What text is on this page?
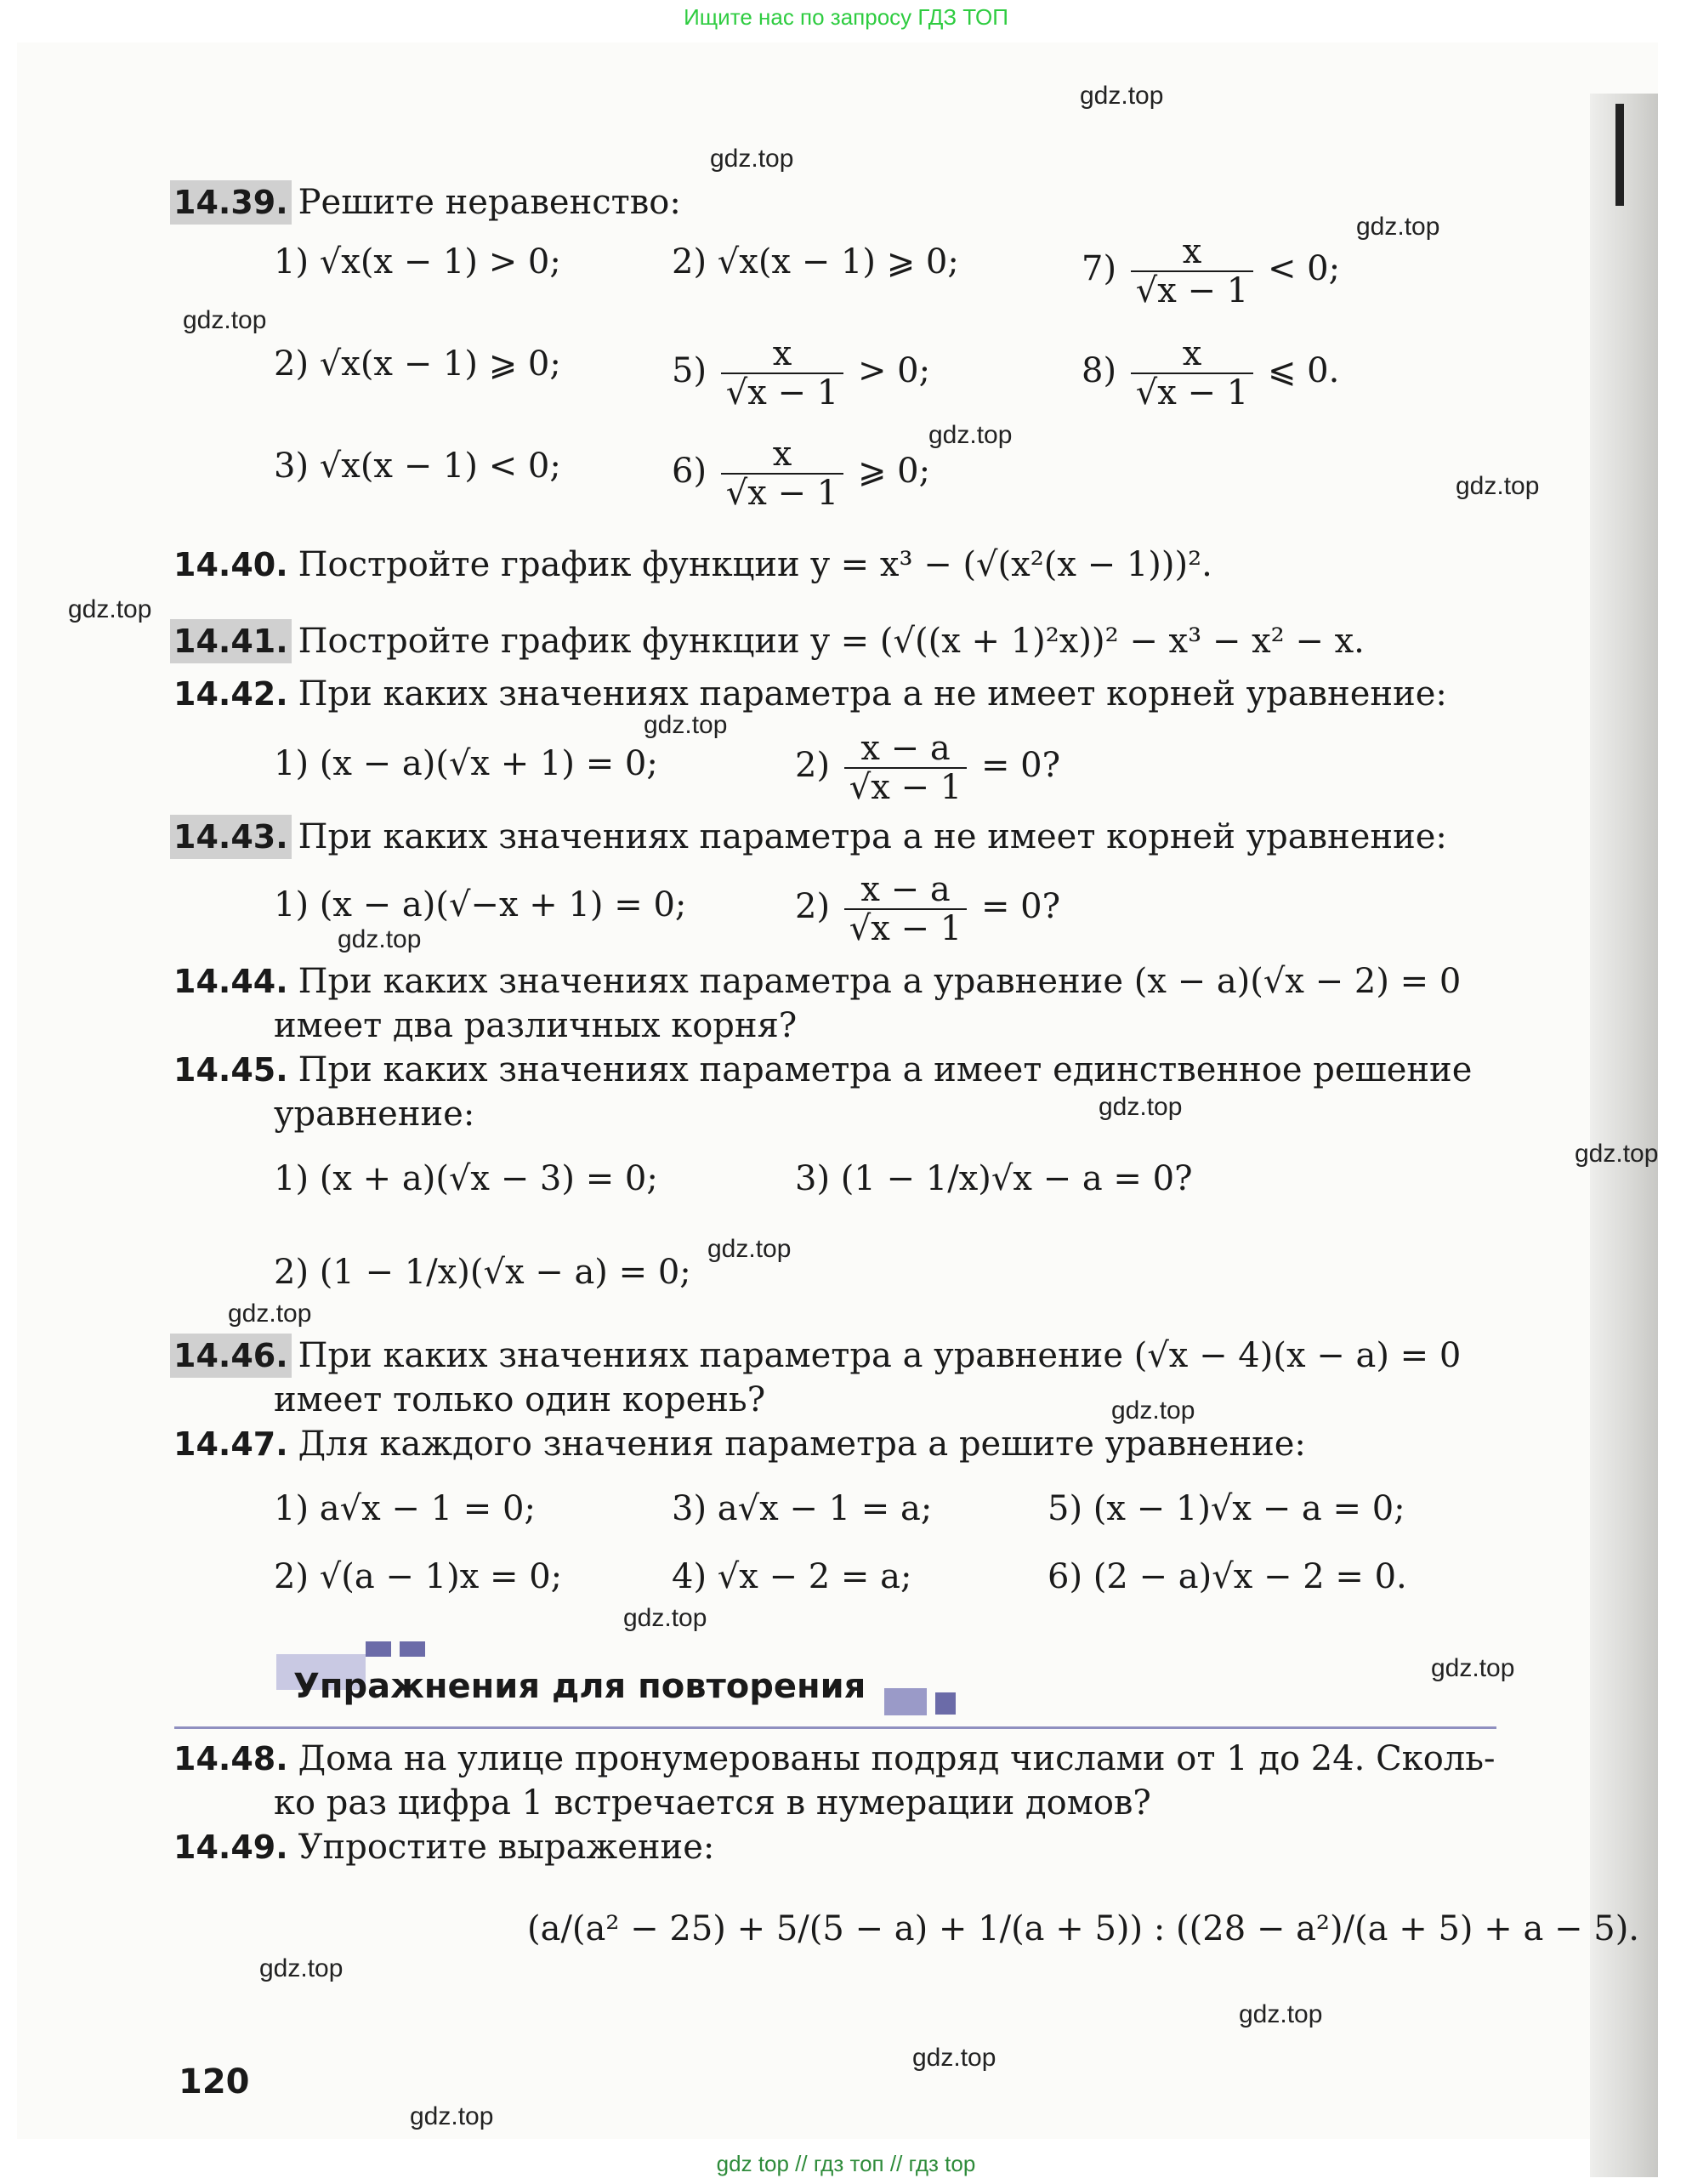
Ищите нас по запросу ГДЗ ТОП
gdz.top
gdz.top
gdz.top
gdz.top
gdz.top
gdz.top
gdz.top
gdz.top
gdz.top
gdz.top
gdz.top
gdz.top
gdz.top
gdz.top
gdz.top
gdz.top
gdz.top
gdz.top
gdz.top
gdz.top
14.39. Решите неравенство:
1) √x(x − 1) > 0;	2) √x(x − 1) ⩾ 0;	$7) \frac{x}{√x - 1} < 0$;
2) √x(x − 1) ⩾ 0;	$5) \frac{x}{√x - 1} > 0$;	$8) \frac{x}{√x - 1}$ ⩽ 0.
3) √x(x − 1) < 0;	$6) \frac{x}{√x - 1}$ ⩾ 0;
14.40. Постройте график функции y = x³ − (√(x²(x − 1)))².
14.41. Постройте график функции y = (√((x + 1)²x))² − x³ − x² − x.
14.42. При каких значениях параметра a не имеет корней уравнение:
1) (x − a)(√x + 1) = 0;	$2) \frac{x - a}{√x - 1} = 0$?
14.43. При каких значениях параметра a не имеет корней уравнение:
1) (x − a)(√−x + 1) = 0;	$2) \frac{x - a}{√x - 1} = 0$?
14.44. При каких значениях параметра a уравнение (x − a)(√x − 2) = 0
имеет два различных корня?
14.45. При каких значениях параметра a имеет единственное решение
уравнение:
1) (x + a)(√x − 3) = 0;	3) (1 − 1/x)√x − a = 0?
2) (1 − 1/x)(√x − a) = 0;
14.46. При каких значениях параметра a уравнение (√x − 4)(x − a) = 0
имеет только один корень?
14.47. Для каждого значения параметра a решите уравнение:
1) a√x − 1 = 0;	3) a√x − 1 = a;	5) (x − 1)√x − a = 0;
2) √(a − 1)x = 0;	4) √x − 2 = a;	6) (2 − a)√x − 2 = 0.
Упражнения для повторения
14.48. Дома на улице пронумерованы подряд числами от 1 до 24. Сколь-
ко раз цифра 1 встречается в нумерации домов?
14.49. Упростите выражение:
(a/(a² − 25) + 5/(5 − a) + 1/(a + 5)) : ((28 − a²)/(a + 5) + a − 5).
120
gdz top // гдз топ // гдз top
